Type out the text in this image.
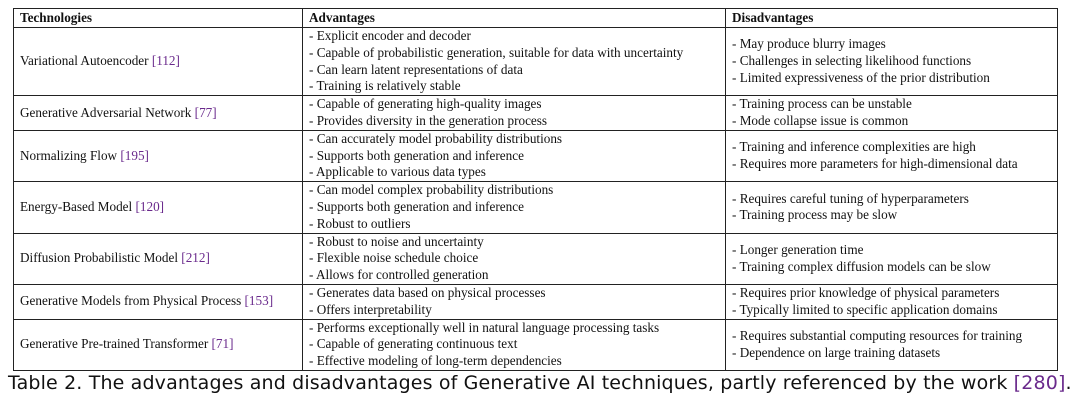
Technologies	Advantages	Disadvantages
Variational Autoencoder [112]	- Explicit encoder and decoder
- Capable of probabilistic generation, suitable for data with uncertainty
- Can learn latent representations of data
- Training is relatively stable	- May produce blurry images
- Challenges in selecting likelihood functions
- Limited expressiveness of the prior distribution

Generative Adversarial Network [77]	- Capable of generating high-quality images
- Provides diversity in the generation process	- Training process can be unstable
- Mode collapse issue is common

Normalizing Flow [195]	- Can accurately model probability distributions
- Supports both generation and inference
- Applicable to various data types	- Training and inference complexities are high
- Requires more parameters for high-dimensional data

Energy-Based Model [120]	- Can model complex probability distributions
- Supports both generation and inference
- Robust to outliers	- Requires careful tuning of hyperparameters
- Training process may be slow

Diffusion Probabilistic Model [212]	- Robust to noise and uncertainty
- Flexible noise schedule choice
- Allows for controlled generation	- Longer generation time
- Training complex diffusion models can be slow

Generative Models from Physical Process [153]	- Generates data based on physical processes
- Offers interpretability	- Requires prior knowledge of physical parameters
- Typically limited to specific application domains

Generative Pre-trained Transformer [71]	- Performs exceptionally well in natural language processing tasks
- Capable of generating continuous text
- Effective modeling of long-term dependencies	- Requires substantial computing resources for training
- Dependence on large training datasets
Table 2. The advantages and disadvantages of Generative AI techniques, partly referenced by the work [280].
